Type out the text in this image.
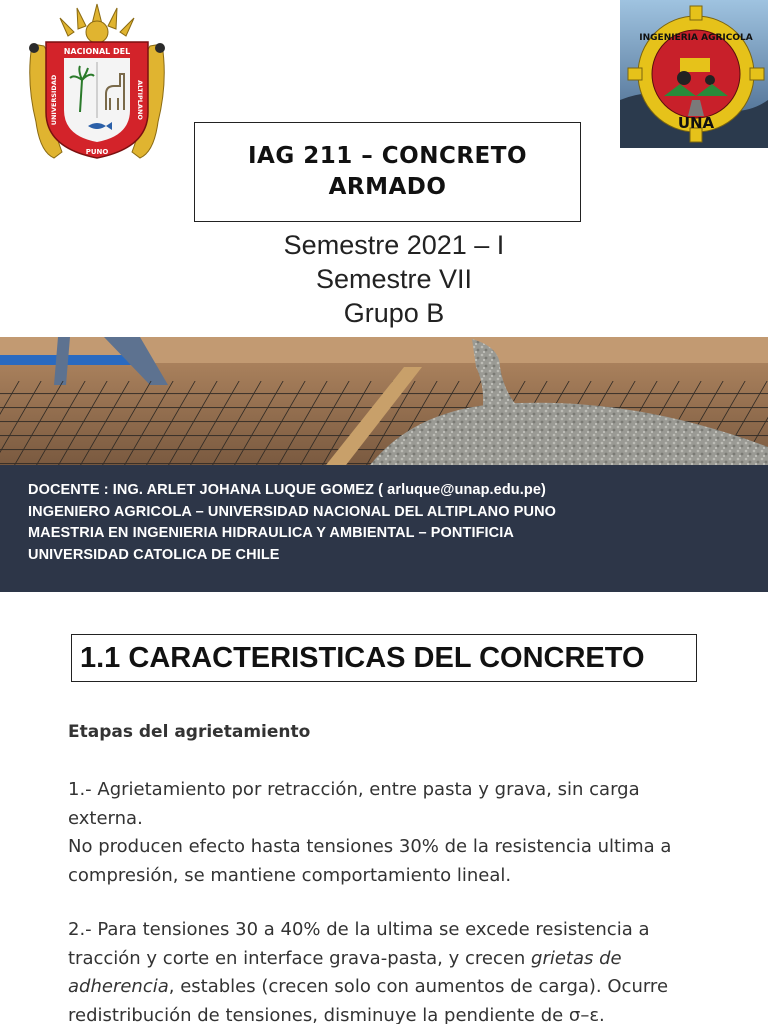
NACIONAL DEL
PUNO
UNIVERSIDAD	ALTIPLANO
INGENIERIA AGRICOLA
UNA
IAG 211 – CONCRETO ARMADO
Semestre 2021 – I
Semestre VII
Grupo B
DOCENTE : ING. ARLET JOHANA LUQUE GOMEZ ( arluque@unap.edu.pe)
INGENIERO AGRICOLA – UNIVERSIDAD NACIONAL DEL ALTIPLANO PUNO
MAESTRIA EN INGENIERIA HIDRAULICA Y AMBIENTAL – PONTIFICIA
UNIVERSIDAD CATOLICA DE CHILE
1.1 CARACTERISTICAS DEL CONCRETO
Etapas del agrietamiento
1.- Agrietamiento por retracción, entre pasta y grava, sin carga
externa.
No producen efecto hasta tensiones 30% de la resistencia ultima a
compresión, se mantiene comportamiento lineal.
2.- Para tensiones 30 a 40% de la ultima se excede resistencia a
tracción y corte en interface grava-pasta, y crecen grietas de
adherencia, estables (crecen solo con aumentos de carga). Ocurre
redistribución de tensiones, disminuye la pendiente de σ–ε.
